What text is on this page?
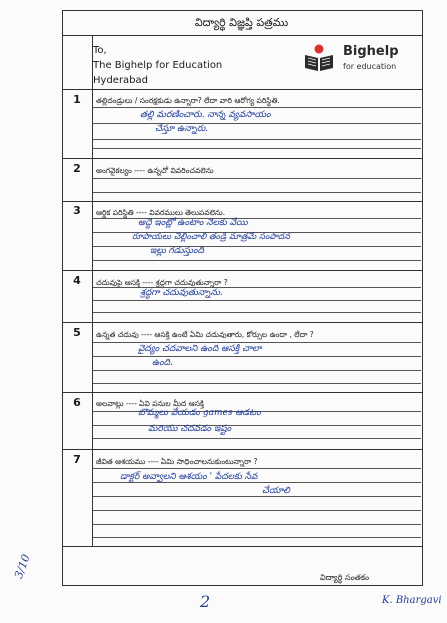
విద్యార్థి విజ్ఞప్తి పత్రము
To,
The Bighelp for Education
Hyderabad
Bighelp
for education
1	తల్లిదండ్రులు / సంరక్షకుడు ఉన్నారా? లేదా వారి ఆరోగ్య పరిస్థితి.
తల్లి మరణించారు. నాన్న వ్యవసాయం
చేస్తూ ఉన్నారు.
2	అంగవైకల్యం ---- ఉన్నచో వివరించవలెను
3	ఆర్థిక పరిస్థితి ---- వివరములు తెలుపవలెను.
అద్దె ఇంట్లో ఉంటాం నెలకు వేయి
రూపాయలు చెల్లించాలి తండ్రి మాత్రమే సంపాదన
ఇల్లు గడుస్తుంది
4	చదువుపై ఆసక్తి ---- శ్రద్ధగా చదువుతున్నారా ?
శ్రద్ధగా చదువుతున్నాను.
5	ఉన్నత చదువు ---- ఆసక్తి ఉంటే ఏమి చదువుతారు, కోర్సుల ఉందా , లేదా ?
వైద్యం చదవాలని ఉంది ఆసక్తి చాలా
ఉంది.
6	అలవాట్లు ---- ఏవి పనుల మీద ఆసక్తి
బొమ్మలు వేయడం games ఆడటం
మరియు చదవడం ఇష్టం
7	జీవిత ఆశయము ---- ఏమి సాధించాలనుకుంటున్నారా ?
డాక్టర్ అవ్వాలని ఆశయం ' పేదలకు సేవ
చేయాలి
విద్యార్థి సంతకం
3/10
2	K. Bhargavi
